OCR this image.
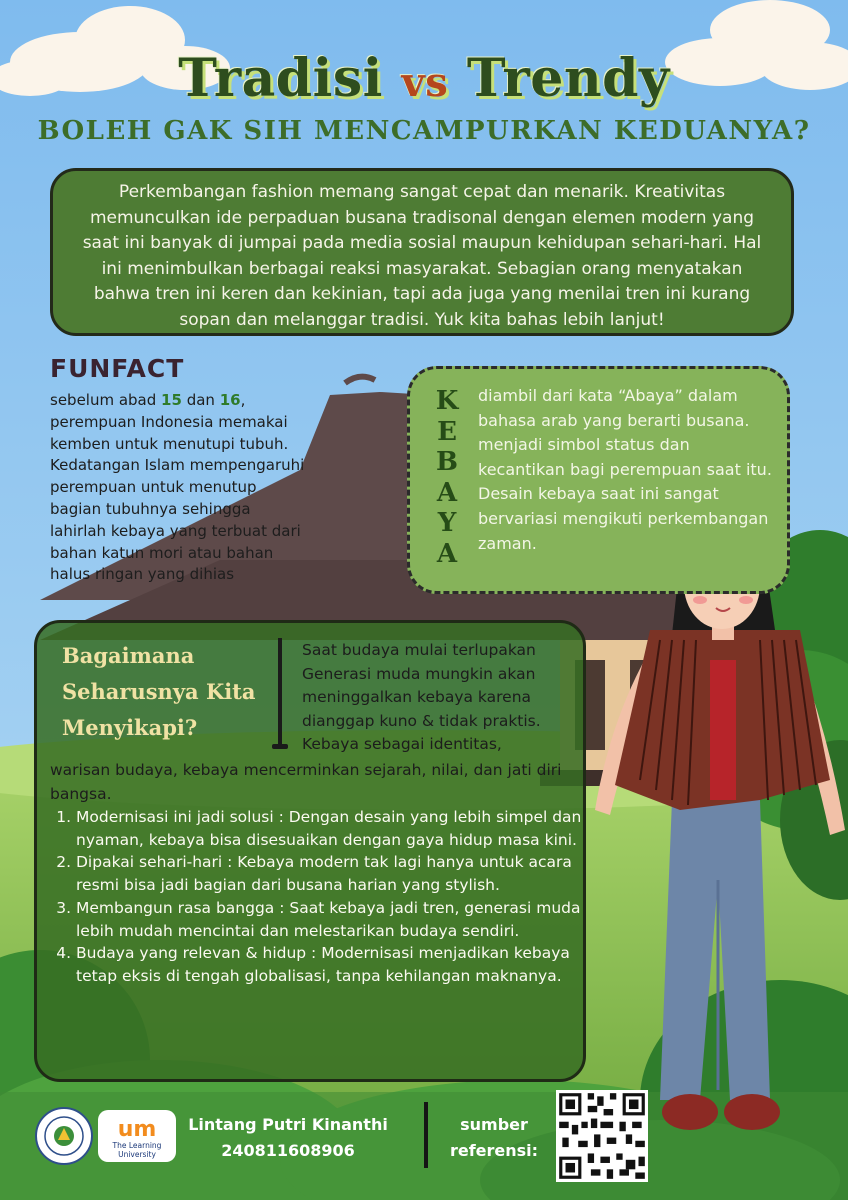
Tradisi vs Trendy
BOLEH GAK SIH MENCAMPURKAN KEDUANYA?
Perkembangan fashion memang sangat cepat dan menarik. Kreativitas memunculkan ide perpaduan busana tradisonal dengan elemen modern yang saat ini banyak di jumpai pada media sosial maupun kehidupan sehari-hari. Hal ini menimbulkan berbagai reaksi masyarakat. Sebagian orang menyatakan bahwa tren ini keren dan kekinian, tapi ada juga yang menilai tren ini kurang sopan dan melanggar tradisi. Yuk kita bahas lebih lanjut!
FUNFACT
sebelum abad 15 dan 16, perempuan Indonesia memakai kemben untuk menutupi tubuh. Kedatangan Islam mempengaruhi perempuan untuk menutup bagian tubuhnya sehingga lahirlah kebaya yang terbuat dari bahan katun mori atau bahan halus ringan yang dihias
K
E
B
A
Y
A
diambil dari kata “Abaya” dalam bahasa arab yang berarti busana. menjadi simbol status dan kecantikan bagi perempuan saat itu. Desain kebaya saat ini sangat bervariasi mengikuti perkembangan zaman.
Bagaimana Seharusnya Kita Menyikapi?
Saat budaya mulai terlupakan Generasi muda mungkin akan meninggalkan kebaya karena dianggap kuno & tidak praktis. Kebaya sebagai identitas,
warisan budaya, kebaya mencerminkan sejarah, nilai, dan jati diri bangsa.
1. Modernisasi ini jadi solusi : Dengan desain yang lebih simpel dan nyaman, kebaya bisa disesuaikan dengan gaya hidup masa kini.
2. Dipakai sehari-hari : Kebaya modern tak lagi hanya untuk acara resmi bisa jadi bagian dari busana harian yang stylish.
3. Membangun rasa bangga : Saat kebaya jadi tren, generasi muda lebih mudah mencintai dan melestarikan budaya sendiri.
4. Budaya yang relevan & hidup : Modernisasi menjadikan kebaya tetap eksis di tengah globalisasi, tanpa kehilangan maknanya.
um
The Learning
University
Lintang Putri Kinanthi
240811608906
sumber
referensi:
